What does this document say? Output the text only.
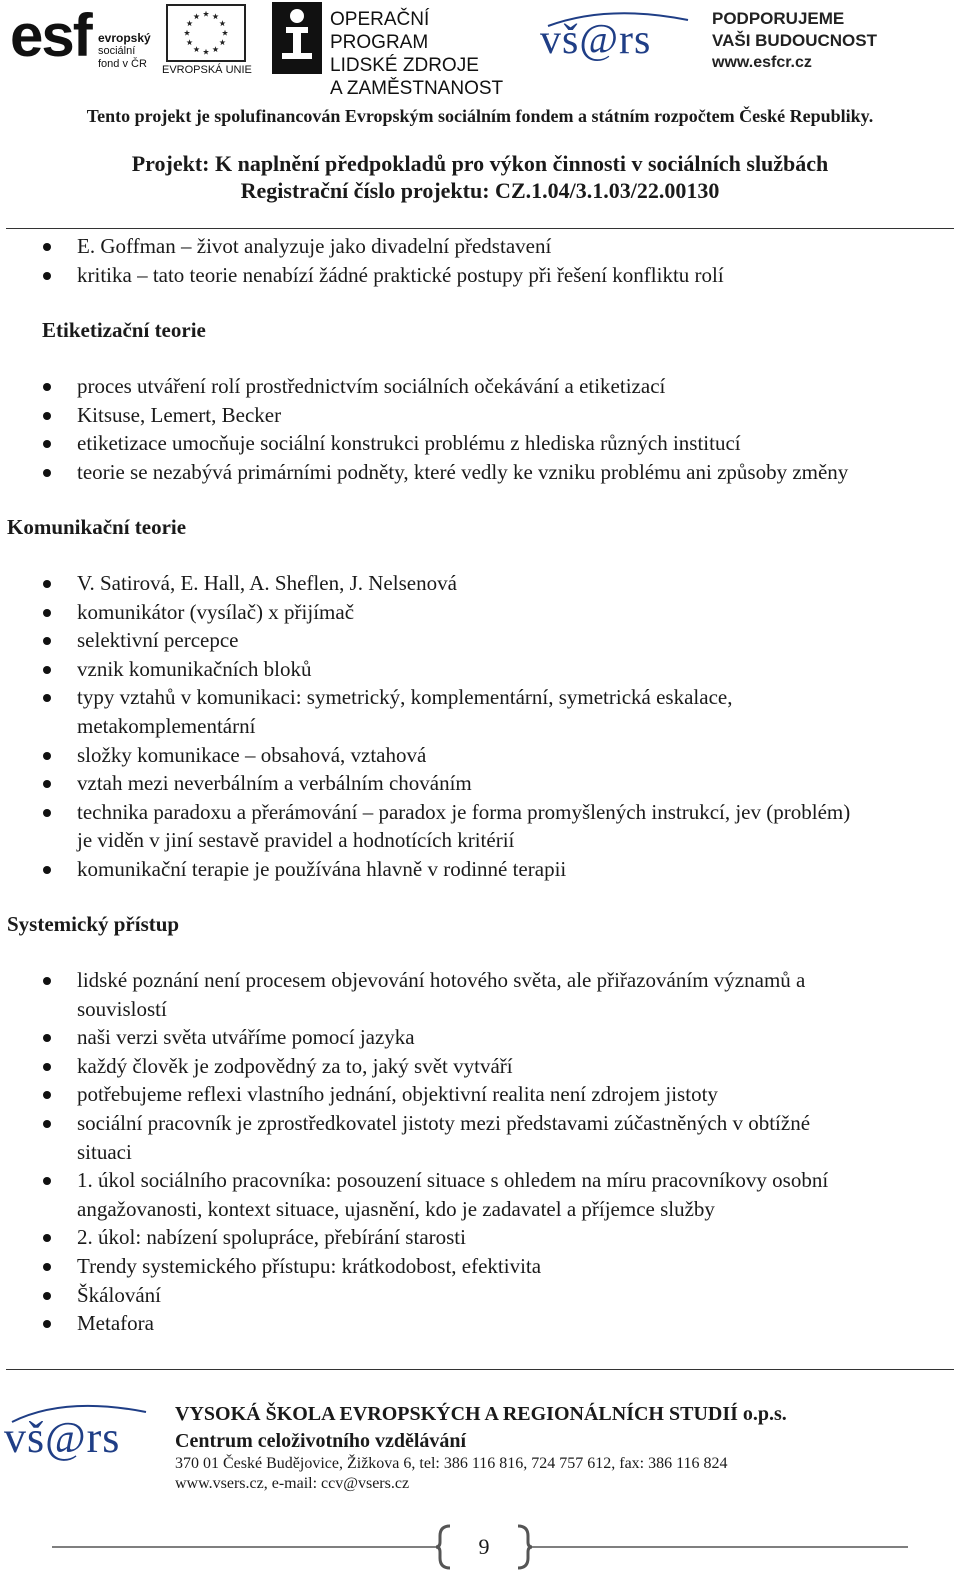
esf evropský
sociální
fond v ČR	EVROPSKÁ UNIE
OPERAČNÍ PROGRAM
LIDSKÉ ZDROJE
A ZAMĚSTNANOST
vš@rs	PODPORUJEME
VAŠI BUDOUCNOST
www.esfcr.cz
Tento projekt je spolufinancován Evropským sociálním fondem a státním rozpočtem České Republiky.
Projekt: K naplnění předpokladů pro výkon činnosti v sociálních službách
Registrační číslo projektu: CZ.1.04/3.1.03/22.00130
E. Goffman – život analyzuje jako divadelní představení
kritika – tato teorie nenabízí žádné praktické postupy při řešení konfliktu rolí
Etiketizační teorie
proces utváření rolí prostřednictvím sociálních očekávání a etiketizací
Kitsuse, Lemert, Becker
etiketizace umocňuje sociální konstrukci problému z hlediska různých institucí
teorie se nezabývá primárními podněty, které vedly ke vzniku problému ani způsoby změny
Komunikační teorie
V. Satirová, E. Hall, A. Sheflen, J. Nelsenová
komunikátor (vysílač) x přijímač
selektivní percepce
vznik komunikačních bloků
typy vztahů v komunikaci: symetrický, komplementární, symetrická eskalace,
metakomplementární
složky komunikace – obsahová, vztahová
vztah mezi neverbálním a verbálním chováním
technika paradoxu a přerámování – paradox je forma promyšlených instrukcí, jev (problém)
je viděn v jiní sestavě pravidel a hodnotících kritérií
komunikační terapie je používána hlavně v rodinné terapii
Systemický přístup
lidské poznání není procesem objevování hotového světa, ale přiřazováním významů a
souvislostí
naši verzi světa utváříme pomocí jazyka
každý člověk je zodpovědný za to, jaký svět vytváří
potřebujeme reflexi vlastního jednání, objektivní realita není zdrojem jistoty
sociální pracovník je zprostředkovatel jistoty mezi představami zúčastněných v obtížné
situaci
1. úkol sociálního pracovníka: posouzení situace s ohledem na míru pracovníkovy osobní
angažovanosti, kontext situace, ujasnění, kdo je zadavatel a příjemce služby
2. úkol: nabízení spolupráce, přebírání starosti
Trendy systemického přístupu: krátkodobost, efektivita
Škálování
Metafora
vš@rs	VYSOKÁ ŠKOLA EVROPSKÝCH A REGIONÁLNÍCH STUDIÍ o.p.s.
Centrum celoživotního vzdělávání
370 01 České Budějovice, Žižkova 6, tel: 386 116 816, 724 757 612, fax: 386 116 824
www.vsers.cz, e-mail: ccv@vsers.cz
9
